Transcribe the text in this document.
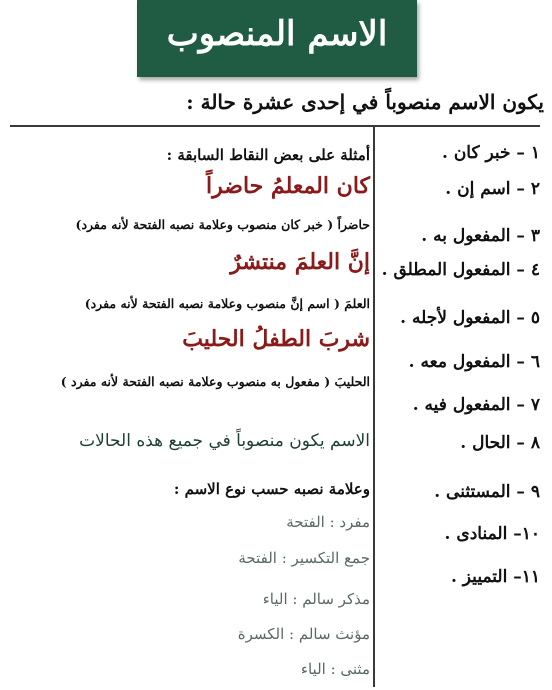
الاسم المنصوب
يكون الاسم منصوباً في إحدى عشرة حالة :
١ – خبر كان .
٢ – اسم إن .
٣ – المفعول به .
٤ – المفعول المطلق .
٥ – المفعول لأجله .
٦ – المفعول معه .
٧ – المفعول فيه .
٨ – الحال .
٩ – المستثنى .
١٠– المنادى .
١١– التمييز .
أمثلة على بعض النقاط السابقة :
كان المعلمُ حاضراً
حاضراً ( خبر كان منصوب وعلامة نصبه الفتحة لأنه مفرد)
إنَّ العلمَ منتشرٌ
العلمَ ( اسم إنَّ منصوب وعلامة نصبه الفتحة لأنه مفرد)
شربَ الطفلُ الحليبَ
الحليبَ ( مفعول به منصوب وعلامة نصبه الفتحة لأنه مفرد )
الاسم يكون منصوباً في جميع هذه الحالات
وعلامة نصبه حسب نوع الاسم :
مفرد : الفتحة
جمع التكسير : الفتحة
مذكر سالم : الياء
مؤنث سالم : الكسرة
مثنى : الياء
